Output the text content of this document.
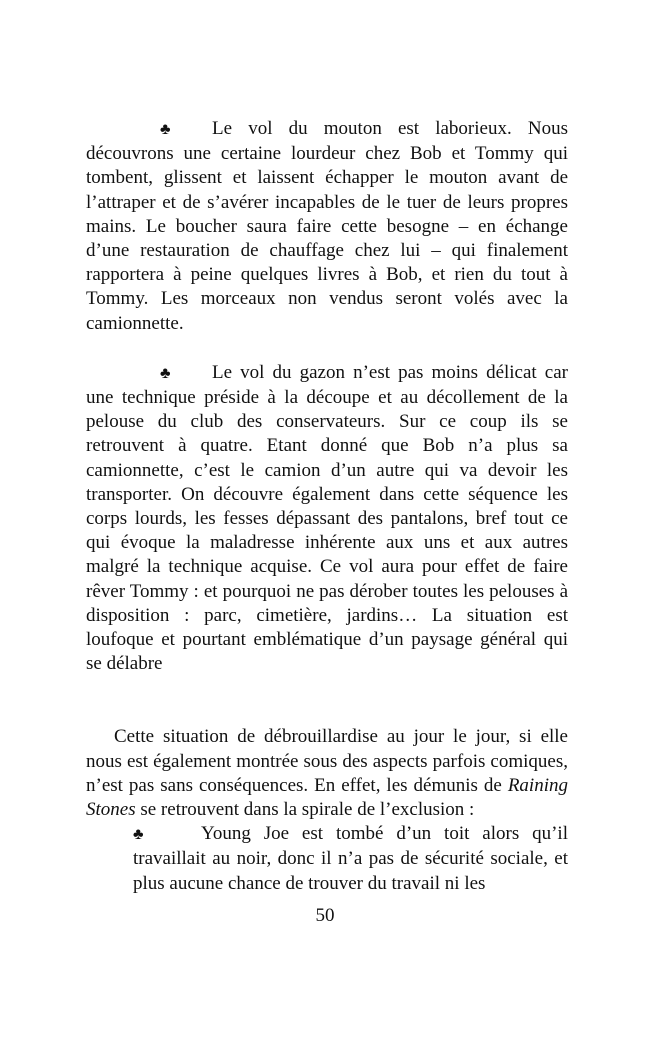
♣ Le vol du mouton est laborieux. Nous découvrons une certaine lourdeur chez Bob et Tommy qui tombent, glissent et laissent échapper le mouton avant de l’attraper et de s’avérer incapables de le tuer de leurs propres mains. Le boucher saura faire cette besogne – en échange d’une restauration de chauffage chez lui – qui finalement rapportera à peine quelques livres à Bob, et rien du tout à Tommy. Les morceaux non vendus seront volés avec la camionnette.

♣ Le vol du gazon n’est pas moins délicat car une technique préside à la découpe et au décollement de la pelouse du club des conservateurs. Sur ce coup ils se retrouvent à quatre. Etant donné que Bob n’a plus sa camionnette, c’est le camion d’un autre qui va devoir les transporter. On découvre également dans cette séquence les corps lourds, les fesses dépassant des pantalons, bref tout ce qui évoque la maladresse inhérente aux uns et aux autres malgré la technique acquise. Ce vol aura pour effet de faire rêver Tommy : et pourquoi ne pas dérober toutes les pelouses à disposition : parc, cimetière, jardins… La situation est loufoque et pourtant emblématique d’un paysage général qui se délabre

Cette situation de débrouillardise au jour le jour, si elle nous est également montrée sous des aspects parfois comiques, n’est pas sans conséquences. En effet, les démunis de Raining Stones se retrouvent dans la spirale de l’exclusion :

♣	Young Joe est tombé d’un toit alors qu’il travaillait au noir, donc il n’a pas de sécurité sociale, et plus aucune chance de trouver du travail ni les

50
